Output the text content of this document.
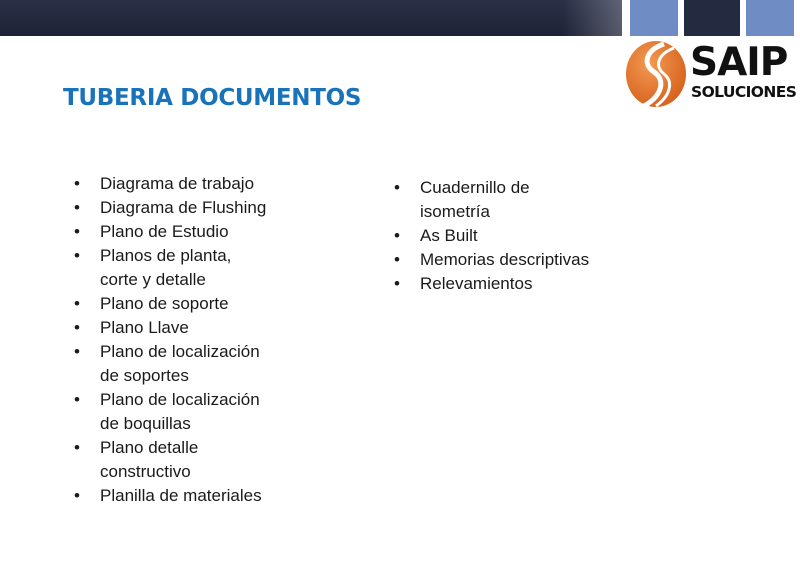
SAIP
SOLUCIONES
TUBERIA DOCUMENTOS
• Diagrama de trabajo
• Diagrama de Flushing
• Plano de Estudio
• Planos de planta,
corte y detalle
• Plano de soporte
• Plano Llave
• Plano de localización
de soportes
• Plano de localización
de boquillas
• Plano detalle
constructivo
• Planilla de materiales
• Cuadernillo de
isometría
• As Built
• Memorias descriptivas
• Relevamientos
